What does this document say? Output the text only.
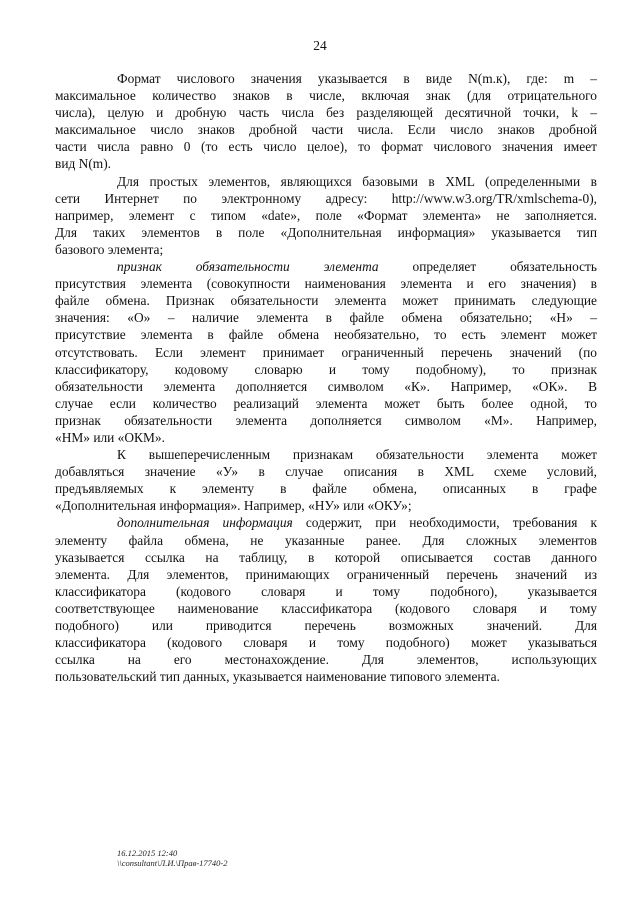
24
Формат числового значения указывается в виде N(m.к), где: m –
максимальное количество знаков в числе, включая знак (для отрицательного
числа), целую и дробную часть числа без разделяющей десятичной точки, k –
максимальное число знаков дробной части числа. Если число знаков дробной
части числа равно 0 (то есть число целое), то формат числового значения имеет
вид N(m).
Для простых элементов, являющихся базовыми в XML (определенными в
сети Интернет по электронному адресу: http://www.w3.org/TR/xmlschema-0),
например, элемент с типом «date», поле «Формат элемента» не заполняется.
Для таких элементов в поле «Дополнительная информация» указывается тип
базового элемента;
признак обязательности элемента	определяет обязательность
присутствия элемента (совокупности наименования элемента и его значения) в
файле обмена. Признак обязательности элемента может принимать следующие
значения: «О» – наличие элемента в файле обмена обязательно; «Н» –
присутствие элемента в файле обмена необязательно, то есть элемент может
отсутствовать. Если элемент принимает ограниченный перечень значений (по
классификатору, кодовому словарю и тому подобному), то признак
обязательности элемента дополняется символом «К». Например, «ОК». В
случае если количество реализаций элемента может быть более одной, то
признак обязательности элемента дополняется символом «М». Например,
«НМ» или «ОКМ».
К вышеперечисленным признакам обязательности элемента может
добавляться значение «У» в случае описания в XML схеме условий,
предъявляемых к элементу в файле обмена, описанных в графе
«Дополнительная информация». Например, «НУ» или «ОКУ»;
дополнительная информация содержит, при необходимости, требования к
элементу файла обмена, не указанные ранее. Для сложных элементов
указывается ссылка на таблицу, в которой описывается состав данного
элемента. Для элементов, принимающих ограниченный перечень значений из
классификатора (кодового словаря и тому подобного), указывается
соответствующее наименование классификатора (кодового словаря и тому
подобного) или приводится перечень возможных значений. Для
классификатора (кодового словаря и тому подобного) может указываться
ссылка на его местонахождение. Для элементов, использующих
пользовательский тип данных, указывается наименование типового элемента.
16.12.2015 12:40
\\consultant\Л.И.\Прав-17740-2
